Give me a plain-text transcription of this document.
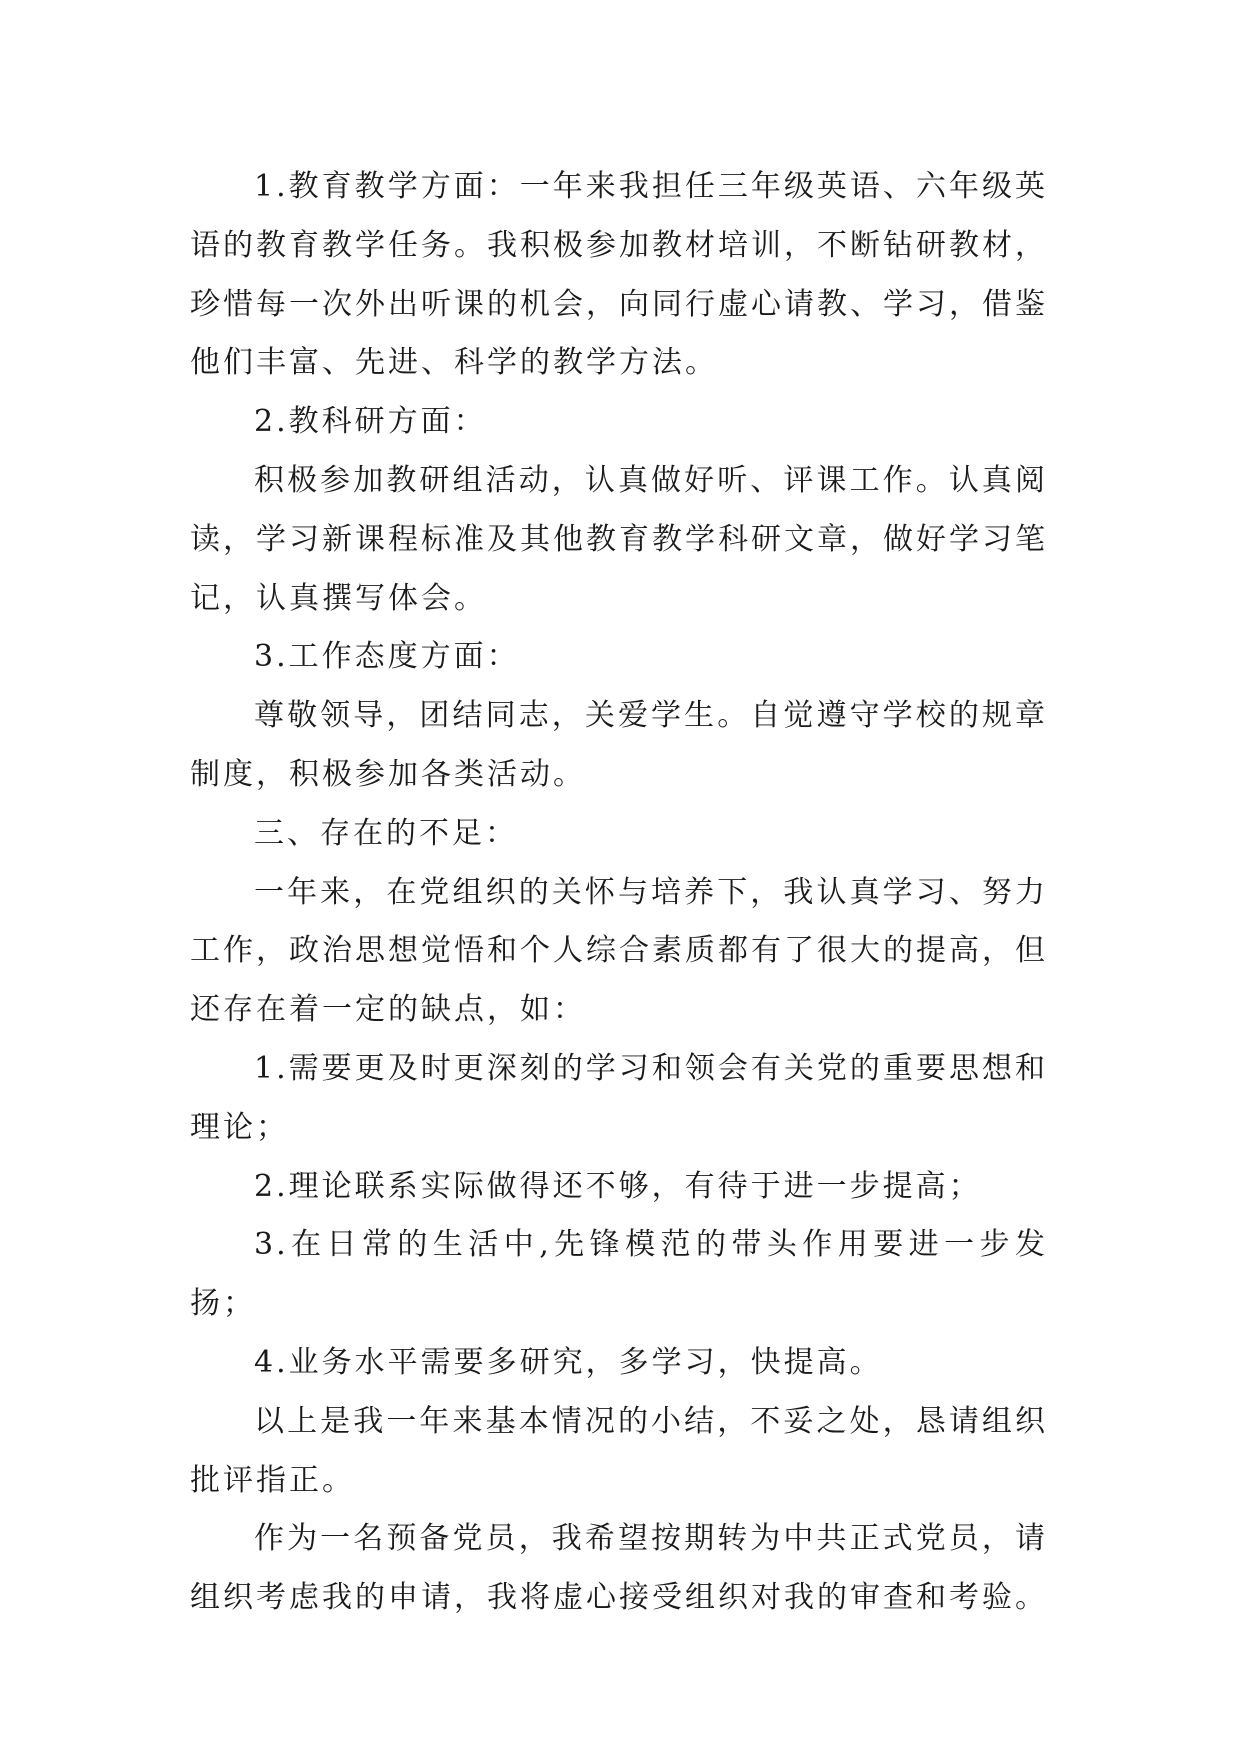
1.教育教学方面：一年来我担任三年级英语、六年级英语的教育教学任务。我积极参加教材培训，不断钻研教材，珍惜每一次外出听课的机会，向同行虚心请教、学习，借鉴他们丰富、先进、科学的教学方法。

2.教科研方面：

积极参加教研组活动，认真做好听、评课工作。认真阅读，学习新课程标准及其他教育教学科研文章，做好学习笔记，认真撰写体会。

3.工作态度方面：

尊敬领导，团结同志，关爱学生。自觉遵守学校的规章制度，积极参加各类活动。

三、存在的不足：

一年来，在党组织的关怀与培养下，我认真学习、努力工作，政治思想觉悟和个人综合素质都有了很大的提高，但还存在着一定的缺点，如：

1.需要更及时更深刻的学习和领会有关党的重要思想和理论；

2.理论联系实际做得还不够，有待于进一步提高；

3.在日常的生活中,先锋模范的带头作用要进一步发扬；

4.业务水平需要多研究，多学习，快提高。

以上是我一年来基本情况的小结，不妥之处，恳请组织批评指正。

作为一名预备党员，我希望按期转为中共正式党员，请组织考虑我的申请，我将虚心接受组织对我的审查和考验。
